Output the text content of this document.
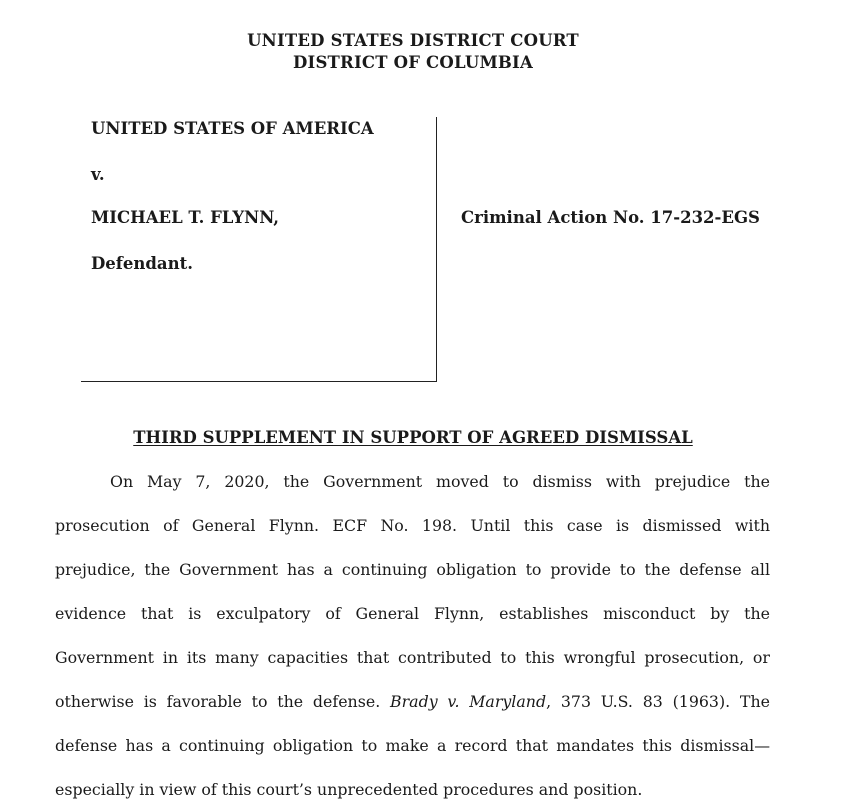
UNITED STATES DISTRICT COURT
DISTRICT OF COLUMBIA
UNITED STATES OF AMERICA
v.
MICHAEL T. FLYNN,
Defendant.
Criminal Action No. 17-232-EGS
THIRD SUPPLEMENT IN SUPPORT OF AGREED DISMISSAL
On May 7, 2020, the Government moved to dismiss with prejudice the
prosecution of General Flynn. ECF No. 198. Until this case is dismissed with
prejudice, the Government has a continuing obligation to provide to the defense all
evidence that is exculpatory of General Flynn, establishes misconduct by the
Government in its many capacities that contributed to this wrongful prosecution, or
otherwise is favorable to the defense. Brady v. Maryland, 373 U.S. 83 (1963). The
defense has a continuing obligation to make a record that mandates this dismissal—
especially in view of this court’s unprecedented procedures and position.
